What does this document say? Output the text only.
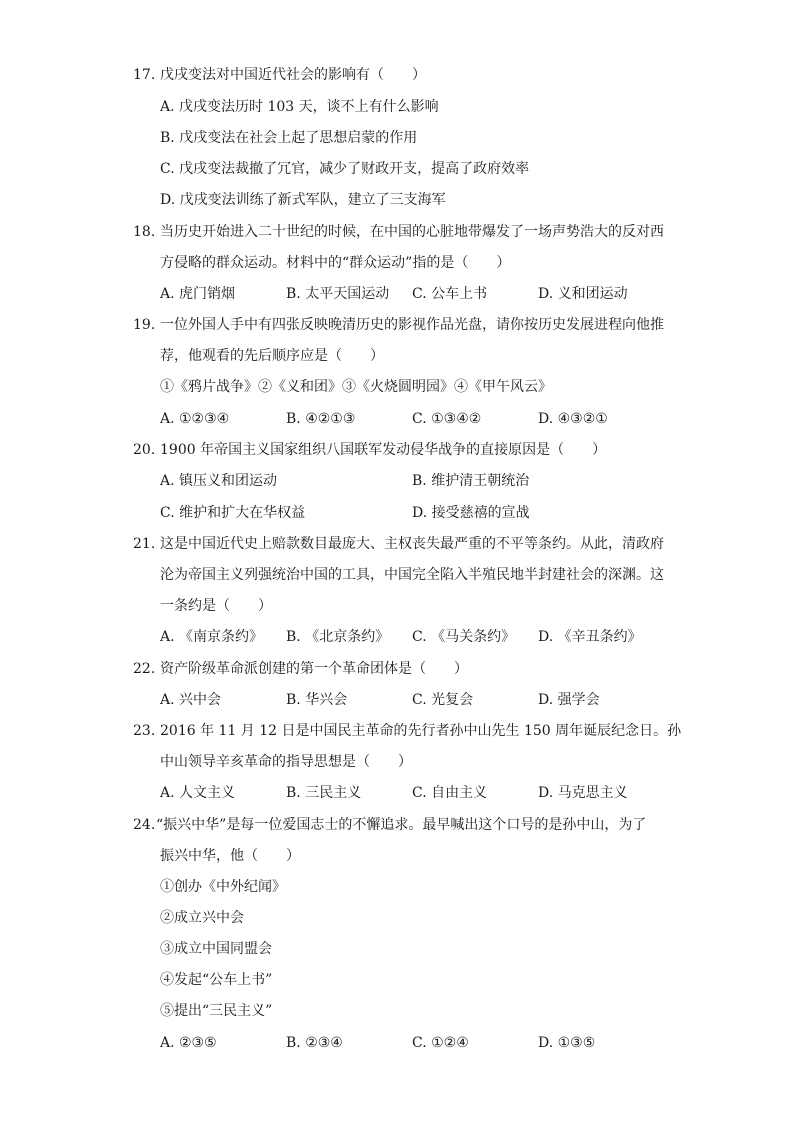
17. 戊戌变法对中国近代社会的影响有（　　）
A. 戊戌变法历时 103 天，谈不上有什么影响
B. 戊戌变法在社会上起了思想启蒙的作用
C. 戊戌变法裁撤了冗官，减少了财政开支，提高了政府效率
D. 戊戌变法训练了新式军队，建立了三支海军
18. 当历史开始进入二十世纪的时候，在中国的心脏地带爆发了一场声势浩大的反对西
方侵略的群众运动。材料中的“群众运动”指的是（　　）
A. 虎门销烟	B. 太平天国运动 C. 公车上书	D. 义和团运动
19. 一位外国人手中有四张反映晚清历史的影视作品光盘，请你按历史发展进程向他推
荐，他观看的先后顺序应是（　　）
①《鸦片战争》②《义和团》③《火烧圆明园》④《甲午风云》
A. ①②③④	B. ④②①③	C. ①③④②	D. ④③②①
20. 1900 年帝国主义国家组织八国联军发动侵华战争的直接原因是（　　）
A. 镇压义和团运动	B. 维护清王朝统治
C. 维护和扩大在华权益	D. 接受慈禧的宣战
21. 这是中国近代史上赔款数目最庞大、主权丧失最严重的不平等条约。从此，清政府
沦为帝国主义列强统治中国的工具，中国完全陷入半殖民地半封建社会的深渊。这
一条约是（　　）
A. 《南京条约》 B. 《北京条约》 C. 《马关条约》 D. 《辛丑条约》
22. 资产阶级革命派创建的第一个革命团体是（　　）
A. 兴中会	B. 华兴会	C. 光复会	D. 强学会
23. 2016 年 11 月 12 日是中国民主革命的先行者孙中山先生 150 周年诞辰纪念日。孙
中山领导辛亥革命的指导思想是（　　）
A. 人文主义	B. 三民主义	C. 自由主义	D. 马克思主义
24. “振兴中华”是每一位爱国志士的不懈追求。最早喊出这个口号的是孙中山，为了
振兴中华，他（　　）
①创办《中外纪闻》
②成立兴中会
③成立中国同盟会
④发起“公车上书”
⑤提出“三民主义”
A. ②③⑤	B. ②③④	C. ①②④	D. ①③⑤
